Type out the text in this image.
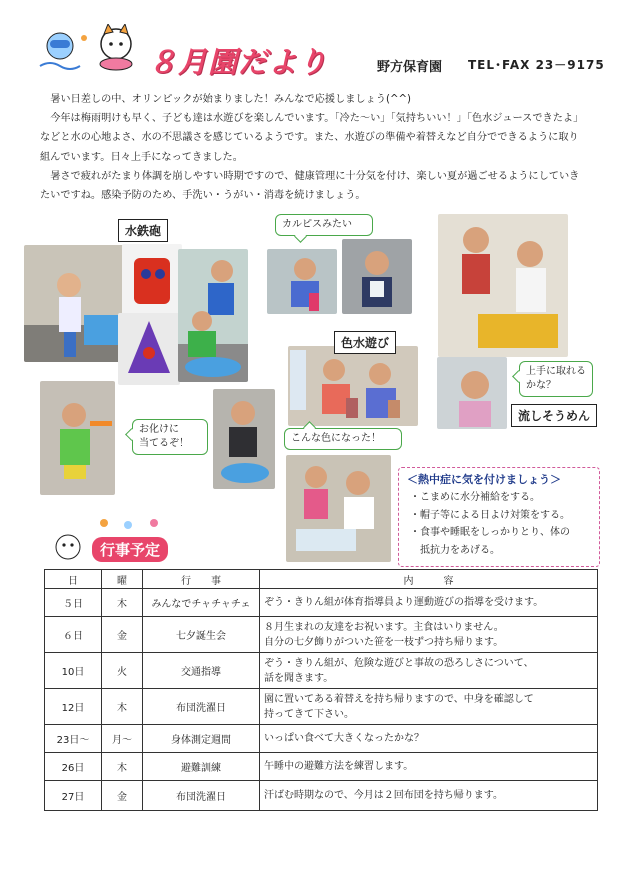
８月園だより	野方保育園 TEL･FAX 23－9175

暑い日差しの中、オリンピックが始まりました！みんなで応援しましょう(^^)

今年は梅雨明けも早く、子ども達は水遊びを楽しんでいます。「冷た〜い」「気持ちいい！」「色水ジュースできたよ」などと水の心地よさ、水の不思議さを感じているようです。また、水遊びの準備や着替えなど自分でできるように取り組んでいます。日々上手になってきました。

暑さで疲れがたまり体調を崩しやすい時期ですので、健康管理に十分気を付け、楽しい夏が過ごせるようにしていきたいですね。感染予防のため、手洗い・うがい・消毒を続けましょう。

水鉄砲
色水遊び
流しそうめん
カルピスみたい
お化けに
当てるぞ！	こんな色になった！
上手に取れる
かな？
＜熱中症に気を付けましょう＞
・こまめに水分補給をする。
・帽子等による日よけ対策をする。
・食事や睡眠をしっかりとり、体の
　抵抗力をあげる。
行事予定
日	曜	行　　事	内　　　容
５日	木	みんなでチャチャチェ	ぞう・きりん組が体育指導員より運動遊びの指導を受けます。

６日	金	七夕誕生会	８月生まれの友達をお祝います。主食はいりません。
自分の七夕飾りがついた笹を一枝ずつ持ち帰ります。

10日	火	交通指導	ぞう・きりん組が、危険な遊びと事故の恐ろしさについて、
話を聞きます。

12日	木	布団洗濯日	園に置いてある着替えを持ち帰りますので、中身を確認して
持ってきて下さい。

23日〜	月〜	身体測定週間	いっぱい食べて大きくなったかな？

26日	木	避難訓練	午睡中の避難方法を練習します。

27日	金	布団洗濯日	汗ばむ時期なので、今月は２回布団を持ち帰ります。
